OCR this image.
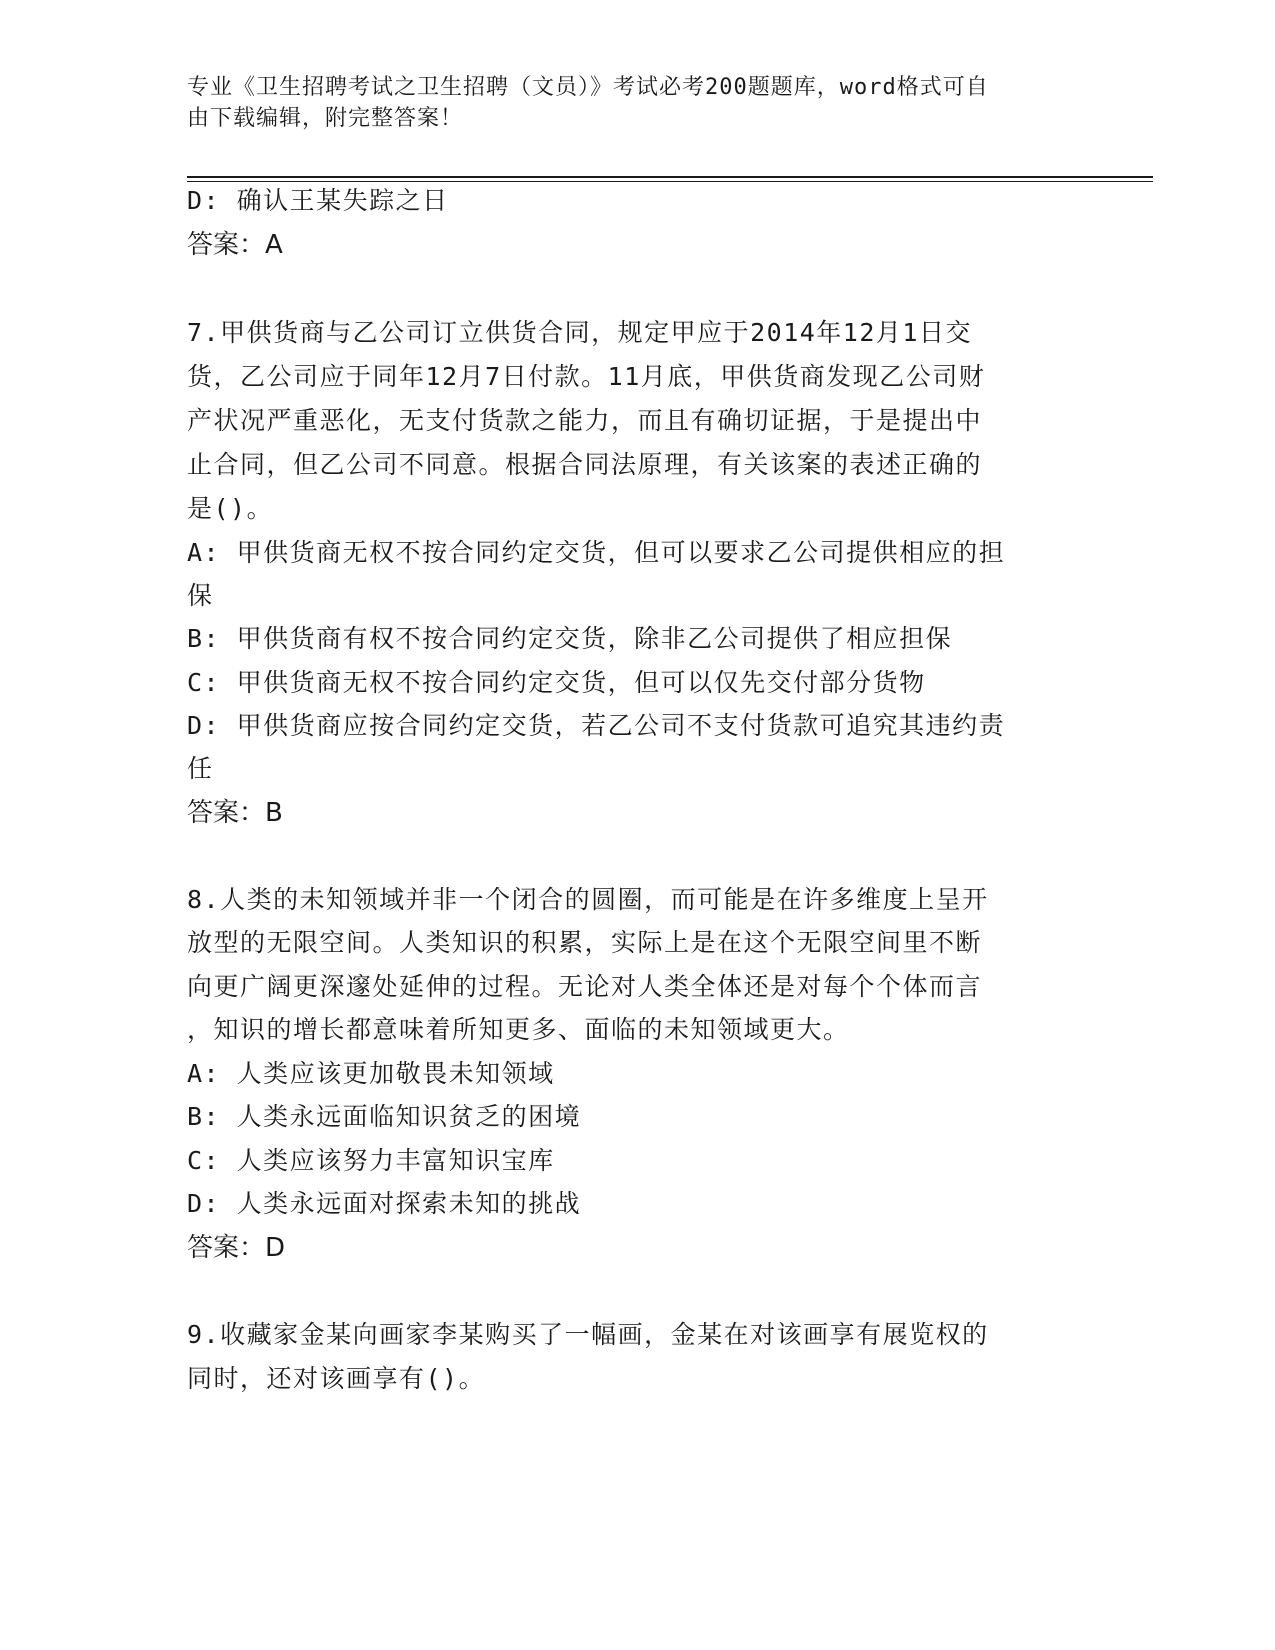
专业《卫生招聘考试之卫生招聘（文员）》考试必考200题题库，word格式可自
由下载编辑，附完整答案！
D: 确认王某失踪之日
答案：A
7.甲供货商与乙公司订立供货合同，规定甲应于2014年12月1日交
货，乙公司应于同年12月7日付款。11月底，甲供货商发现乙公司财
产状况严重恶化，无支付货款之能力，而且有确切证据，于是提出中
止合同，但乙公司不同意。根据合同法原理，有关该案的表述正确的
是()。
A: 甲供货商无权不按合同约定交货，但可以要求乙公司提供相应的担
保
B: 甲供货商有权不按合同约定交货，除非乙公司提供了相应担保
C: 甲供货商无权不按合同约定交货，但可以仅先交付部分货物
D: 甲供货商应按合同约定交货，若乙公司不支付货款可追究其违约责
任
答案：B
8.人类的未知领域并非一个闭合的圆圈，而可能是在许多维度上呈开
放型的无限空间。人类知识的积累，实际上是在这个无限空间里不断
向更广阔更深邃处延伸的过程。无论对人类全体还是对每个个体而言
，知识的增长都意味着所知更多、面临的未知领域更大。
A: 人类应该更加敬畏未知领域
B: 人类永远面临知识贫乏的困境
C: 人类应该努力丰富知识宝库
D: 人类永远面对探索未知的挑战
答案：D
9.收藏家金某向画家李某购买了一幅画，金某在对该画享有展览权的
同时，还对该画享有()。
